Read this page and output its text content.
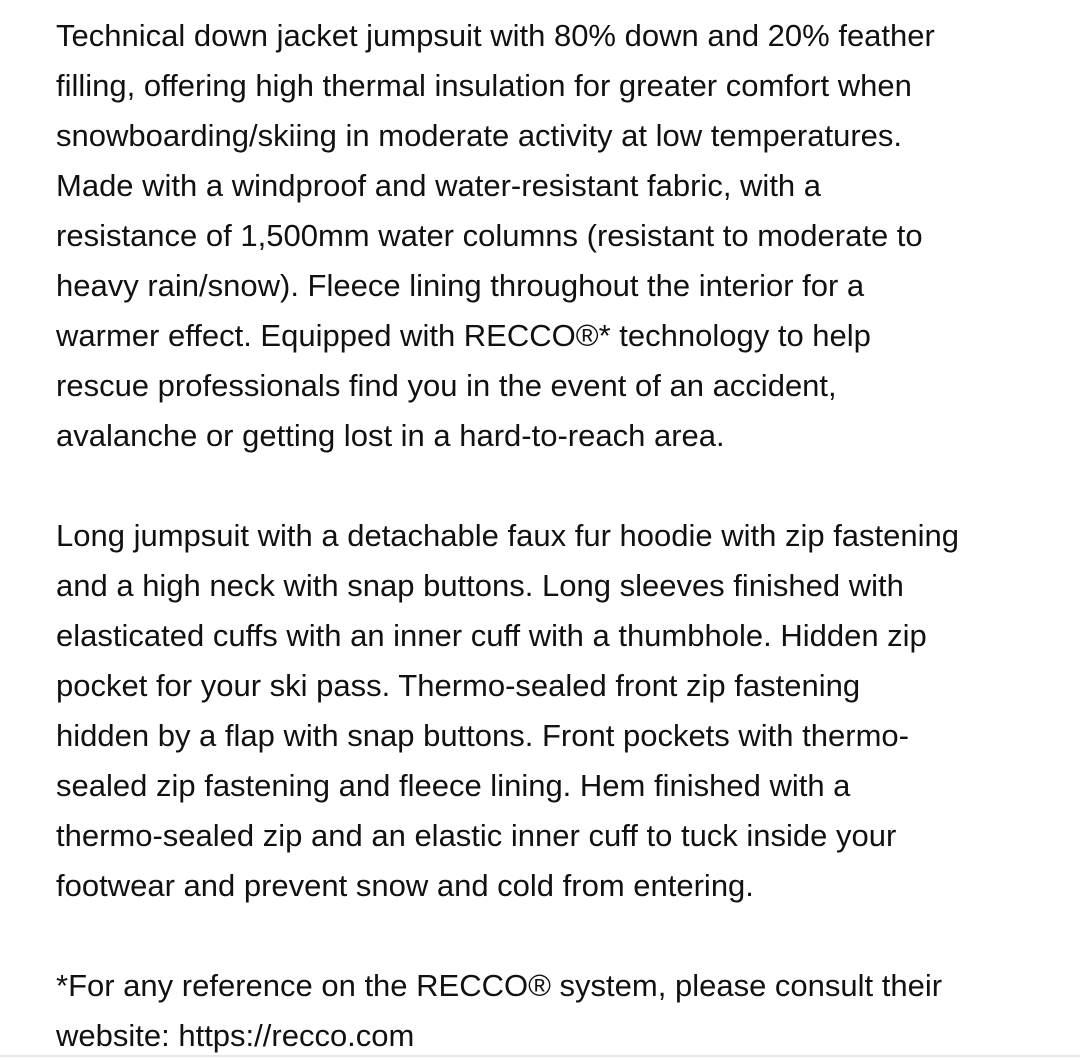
Technical down jacket jumpsuit with 80% down and 20% feather
filling, offering high thermal insulation for greater comfort when
snowboarding/skiing in moderate activity at low temperatures.
Made with a windproof and water-resistant fabric, with a
resistance of 1,500mm water columns (resistant to moderate to
heavy rain/snow). Fleece lining throughout the interior for a
warmer effect. Equipped with RECCO®* technology to help
rescue professionals find you in the event of an accident,
avalanche or getting lost in a hard-to-reach area.
Long jumpsuit with a detachable faux fur hoodie with zip fastening
and a high neck with snap buttons. Long sleeves finished with
elasticated cuffs with an inner cuff with a thumbhole. Hidden zip
pocket for your ski pass. Thermo-sealed front zip fastening
hidden by a flap with snap buttons. Front pockets with thermo-
sealed zip fastening and fleece lining. Hem finished with a
thermo-sealed zip and an elastic inner cuff to tuck inside your
footwear and prevent snow and cold from entering.
*For any reference on the RECCO® system, please consult their
website: https://recco.com
